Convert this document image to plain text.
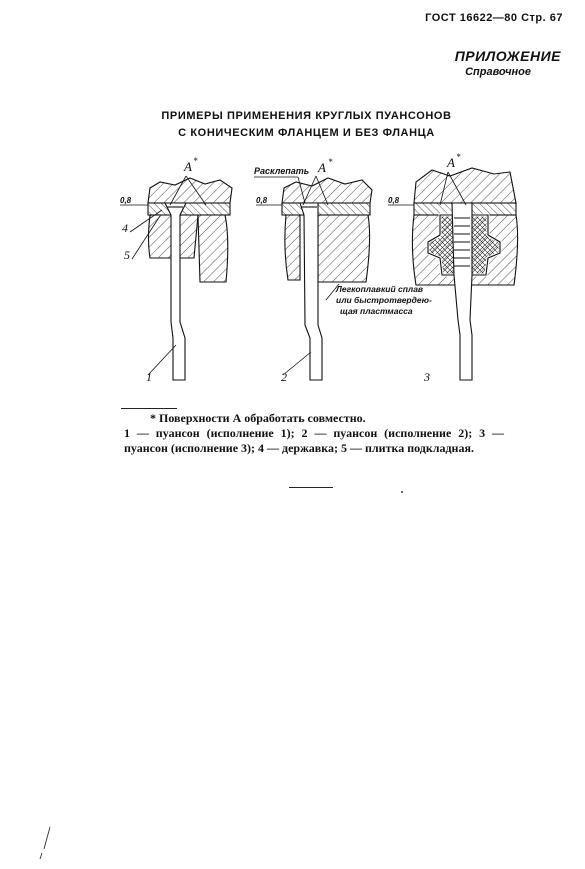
ГОСТ 16622—80 Стр. 67
ПРИЛОЖЕНИЕ
Справочное
ПРИМЕРЫ ПРИМЕНЕНИЯ КРУГЛЫХ ПУАНСОНОВ
С КОНИЧЕСКИМ ФЛАНЦЕМ И БЕЗ ФЛАНЦА
A *	A *	A *
0,8	0,8	0,8
Расклепать
Легкоплавкий сплав
или быстротвердею-
щая пластмасса
4
5
1	2	3
* Поверхности А обработать совместно.
1 — пуансон (исполнение 1); 2 — пуансон (исполнение 2); 3 — пуансон (исполнение 3); 4 — державка; 5 — плитка подкладная.
